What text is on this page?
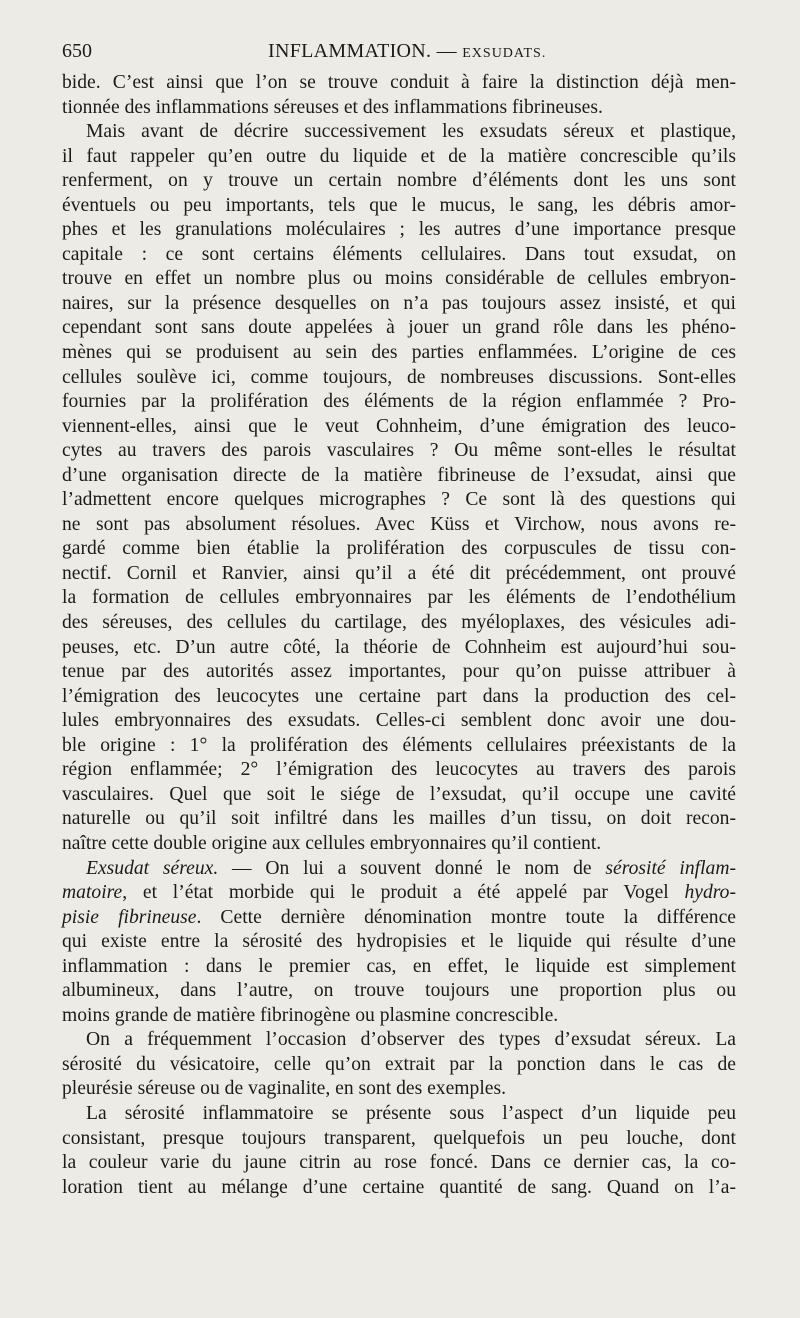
650	INFLAMMATION. — EXSUDATS.
bide. C’est ainsi que l’on se trouve conduit à faire la distinction déjà men-
tionnée des inflammations séreuses et des inflammations fibrineuses.
Mais avant de décrire successivement les exsudats séreux et plastique,
il faut rappeler qu’en outre du liquide et de la matière concrescible qu’ils
renferment, on y trouve un certain nombre d’éléments dont les uns sont
éventuels ou peu importants, tels que le mucus, le sang, les débris amor-
phes et les granulations moléculaires ; les autres d’une importance presque
capitale : ce sont certains éléments cellulaires. Dans tout exsudat, on
trouve en effet un nombre plus ou moins considérable de cellules embryon-
naires, sur la présence desquelles on n’a pas toujours assez insisté, et qui
cependant sont sans doute appelées à jouer un grand rôle dans les phéno-
mènes qui se produisent au sein des parties enflammées. L’origine de ces
cellules soulève ici, comme toujours, de nombreuses discussions. Sont-elles
fournies par la prolifération des éléments de la région enflammée ? Pro-
viennent-elles, ainsi que le veut Cohnheim, d’une émigration des leuco-
cytes au travers des parois vasculaires ? Ou même sont-elles le résultat
d’une organisation directe de la matière fibrineuse de l’exsudat, ainsi que
l’admettent encore quelques micrographes ? Ce sont là des questions qui
ne sont pas absolument résolues. Avec Küss et Virchow, nous avons re-
gardé comme bien établie la prolifération des corpuscules de tissu con-
nectif. Cornil et Ranvier, ainsi qu’il a été dit précédemment, ont prouvé
la formation de cellules embryonnaires par les éléments de l’endothélium
des séreuses, des cellules du cartilage, des myéloplaxes, des vésicules adi-
peuses, etc. D’un autre côté, la théorie de Cohnheim est aujourd’hui sou-
tenue par des autorités assez importantes, pour qu’on puisse attribuer à
l’émigration des leucocytes une certaine part dans la production des cel-
lules embryonnaires des exsudats. Celles-ci semblent donc avoir une dou-
ble origine : 1° la prolifération des éléments cellulaires préexistants de la
région enflammée; 2° l’émigration des leucocytes au travers des parois
vasculaires. Quel que soit le siége de l’exsudat, qu’il occupe une cavité
naturelle ou qu’il soit infiltré dans les mailles d’un tissu, on doit recon-
naître cette double origine aux cellules embryonnaires qu’il contient.
Exsudat séreux. — On lui a souvent donné le nom de sérosité inflam-
matoire, et l’état morbide qui le produit a été appelé par Vogel hydro-
pisie fibrineuse. Cette dernière dénomination montre toute la différence
qui existe entre la sérosité des hydropisies et le liquide qui résulte d’une
inflammation : dans le premier cas, en effet, le liquide est simplement
albumineux, dans l’autre, on trouve toujours une proportion plus ou
moins grande de matière fibrinogène ou plasmine concrescible.
On a fréquemment l’occasion d’observer des types d’exsudat séreux. La
sérosité du vésicatoire, celle qu’on extrait par la ponction dans le cas de
pleurésie séreuse ou de vaginalite, en sont des exemples.
La sérosité inflammatoire se présente sous l’aspect d’un liquide peu
consistant, presque toujours transparent, quelquefois un peu louche, dont
la couleur varie du jaune citrin au rose foncé. Dans ce dernier cas, la co-
loration tient au mélange d’une certaine quantité de sang. Quand on l’a-
